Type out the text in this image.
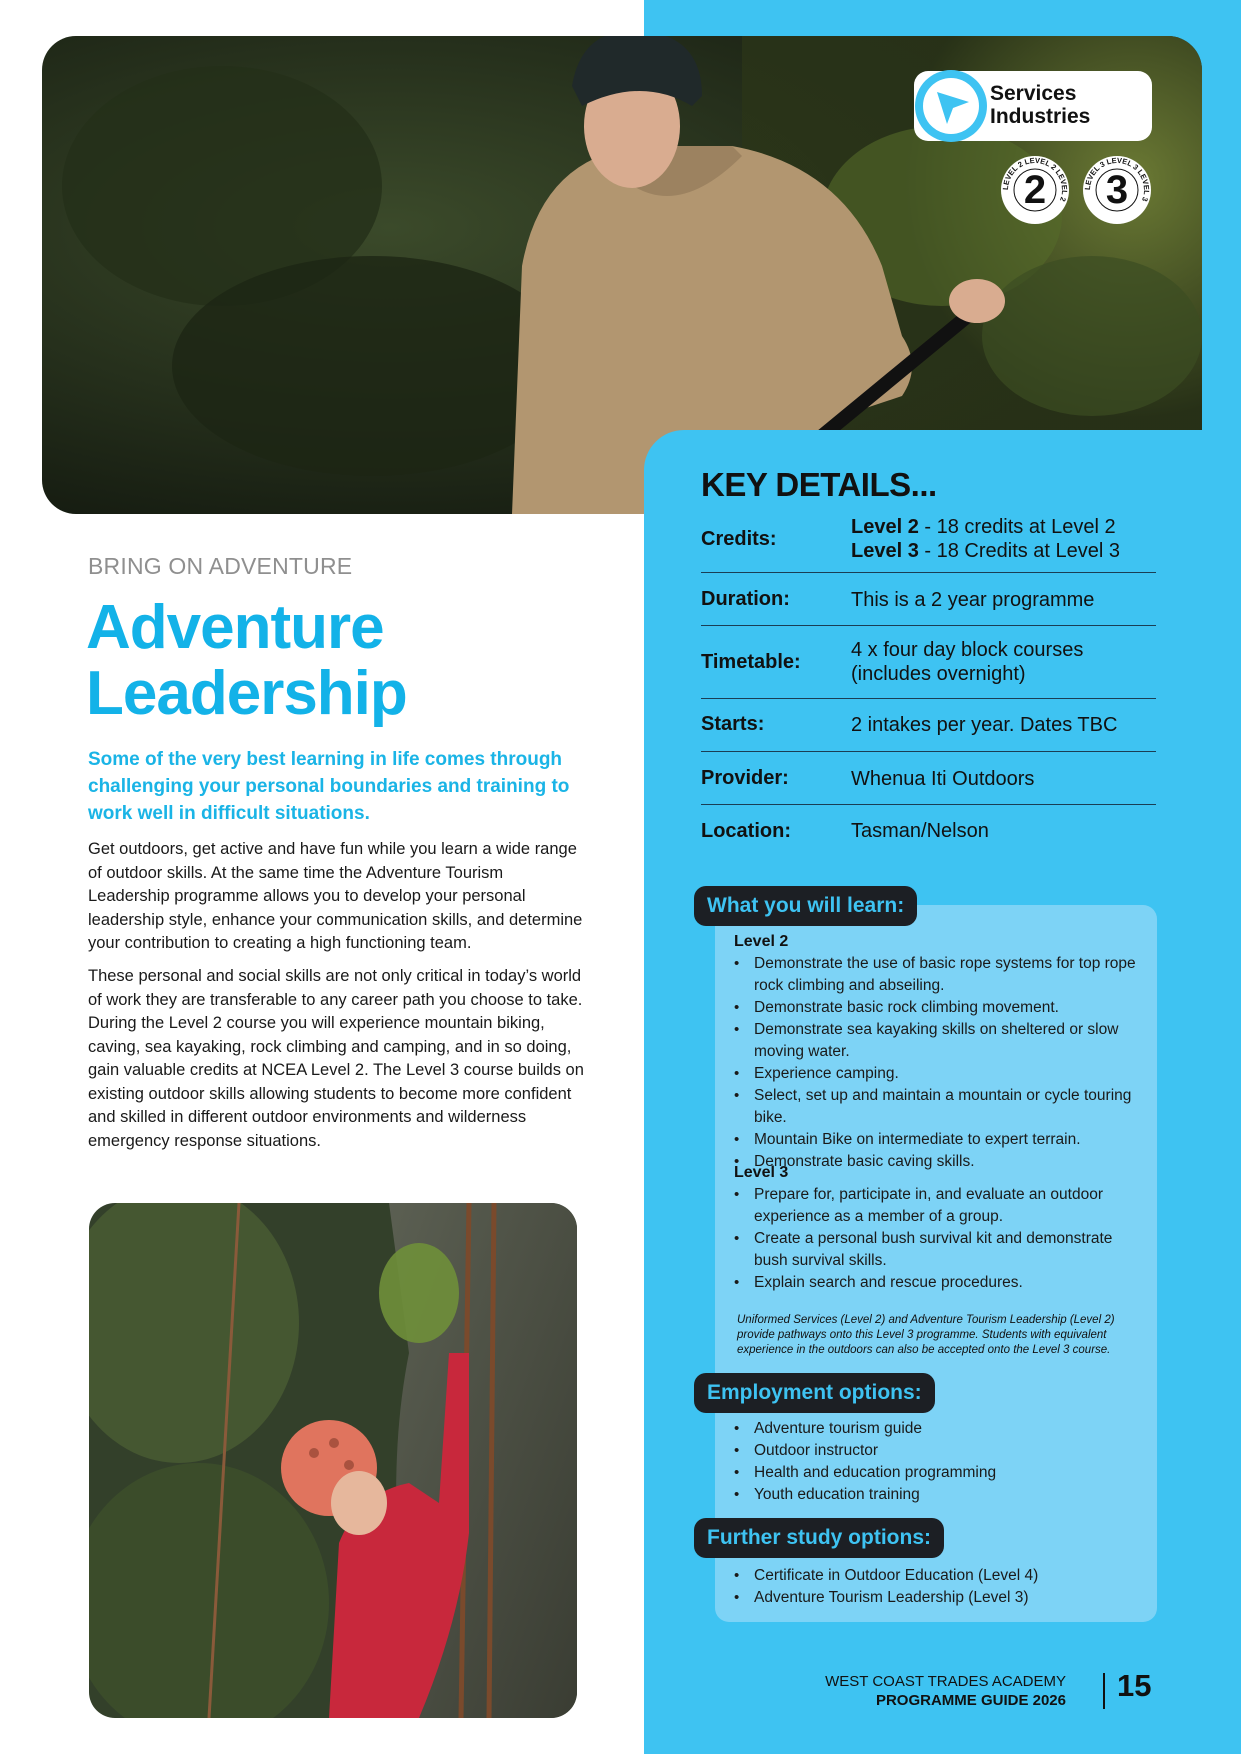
Services
Industries
LEVEL 2 LEVEL 2 LEVEL 2
2	LEVEL 3 LEVEL 3 LEVEL 3
3
KEY DETAILS...
Credits:
Level 2 - 18 credits at Level 2
Level 3 - 18 Credits at Level 3
Duration:	This is a 2 year programme
Timetable:
4 x four day block courses
(includes overnight)
Starts:	2 intakes per year. Dates TBC
Provider:	Whenua Iti Outdoors
Location:	Tasman/Nelson
What you will learn:
Level 2
• Demonstrate the use of basic rope systems for top rope rock climbing and abseiling.
• Demonstrate basic rock climbing movement.
• Demonstrate sea kayaking skills on sheltered or slow moving water.
• Experience camping.
• Select, set up and maintain a mountain or cycle touring bike.
• Mountain Bike on intermediate to expert terrain.
• Demonstrate basic caving skills.
Level 3
• Prepare for, participate in, and evaluate an outdoor experience as a member of a group.
• Create a personal bush survival kit and demonstrate bush survival skills.
• Explain search and rescue procedures.
Uniformed Services (Level 2) and Adventure Tourism Leadership (Level 2) provide pathways onto this Level 3 programme. Students with equivalent experience in the outdoors can also be accepted onto the Level 3 course.
Employment options:
• Adventure tourism guide
• Outdoor instructor
• Health and education programming
• Youth education training
Further study options:
• Certificate in Outdoor Education (Level 4)
• Adventure Tourism Leadership (Level 3)
BRING ON ADVENTURE
Adventure
Leadership
Some of the very best learning in life comes through challenging your personal boundaries and training to work well in difficult situations.
Get outdoors, get active and have fun while you learn a wide range of outdoor skills. At the same time the Adventure Tourism Leadership programme allows you to develop your personal leadership style, enhance your communication skills, and determine your contribution to creating a high functioning team.
These personal and social skills are not only critical in today’s world of work they are transferable to any career path you choose to take. During the Level 2 course you will experience mountain biking, caving, sea kayaking, rock climbing and camping, and in so doing, gain valuable credits at NCEA Level 2. The Level 3 course builds on existing outdoor skills allowing students to become more confident and skilled in different outdoor environments and wilderness emergency response situations.
WEST COAST TRADES ACADEMY
PROGRAMME GUIDE 2026 15
